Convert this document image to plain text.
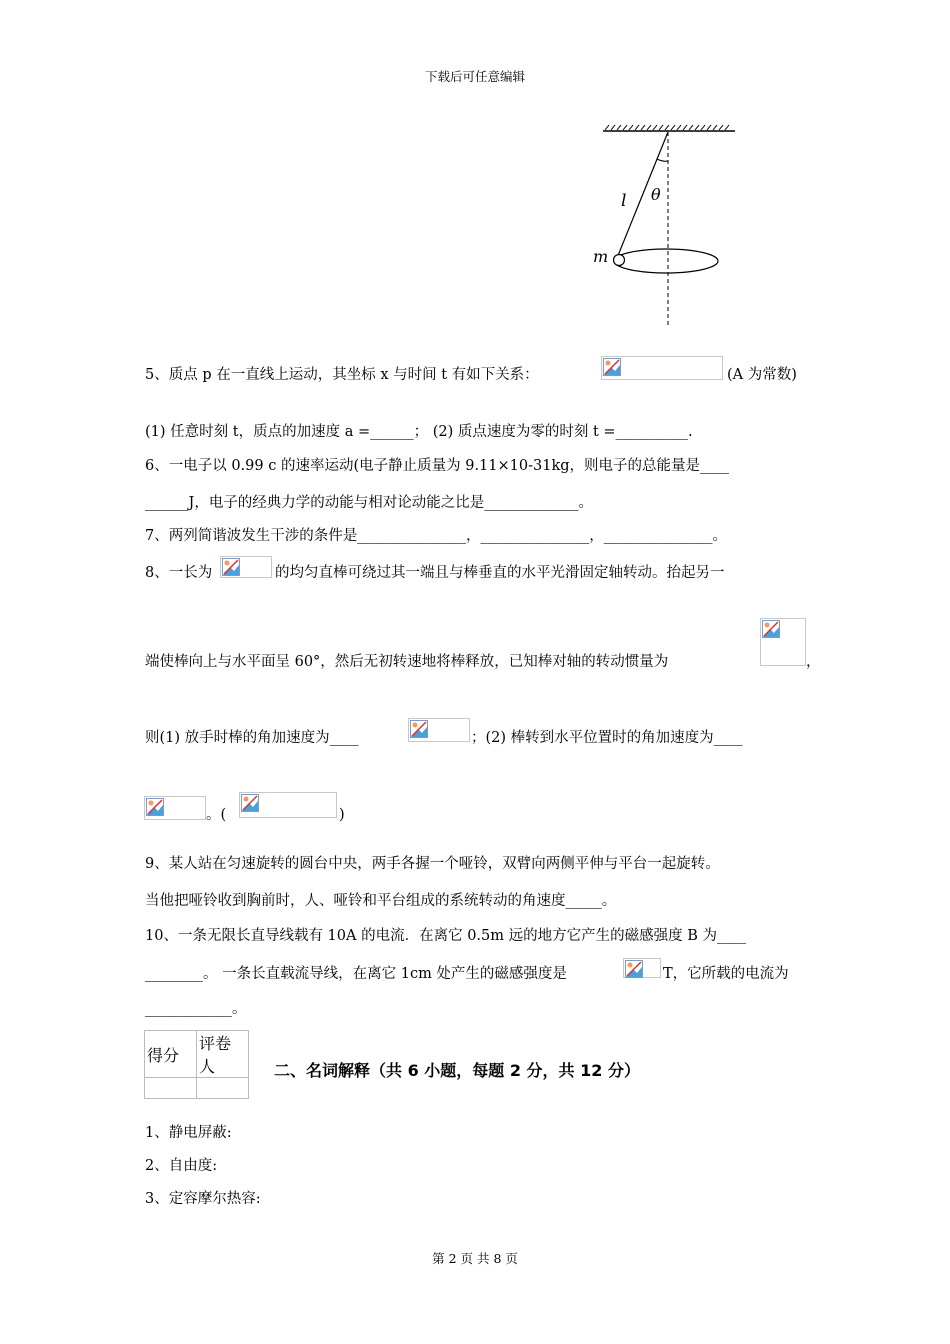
下载后可任意编辑
l θ
m
5、质点 p 在一直线上运动，其坐标 x 与时间 t 有如下关系：	(A 为常数)
(1) 任意时刻 t，质点的加速度 a =______； (2) 质点速度为零的时刻 t =__________.
6、一电子以 0.99 c 的速率运动(电子静止质量为 9.11×10-31kg，则电子的总能量是____
______J，电子的经典力学的动能与相对论动能之比是_____________。
7、两列简谐波发生干涉的条件是_______________，_______________，_______________。
8、一长为	的均匀直棒可绕过其一端且与棒垂直的水平光滑固定轴转动。抬起另一
端使棒向上与水平面呈 60°，然后无初转速地将棒释放，已知棒对轴的转动惯量为	，
则(1) 放手时棒的角加速度为____	；(2) 棒转到水平位置时的角加速度为____
。(	)
9、某人站在匀速旋转的圆台中央，两手各握一个哑铃，双臂向两侧平伸与平台一起旋转。
当他把哑铃收到胸前时，人、哑铃和平台组成的系统转动的角速度_____。
10、一条无限长直导线载有 10A 的电流．在离它 0.5m 远的地方它产生的磁感强度 B 为____
________。 一条长直载流导线，在离它 1cm 处产生的磁感强度是	T，它所载的电流为
____________。
得分	评卷人
		二、名词解释（共 6 小题，每题 2 分，共 12 分）
1、静电屏蔽:
2、自由度:
3、定容摩尔热容:
第 2 页 共 8 页
